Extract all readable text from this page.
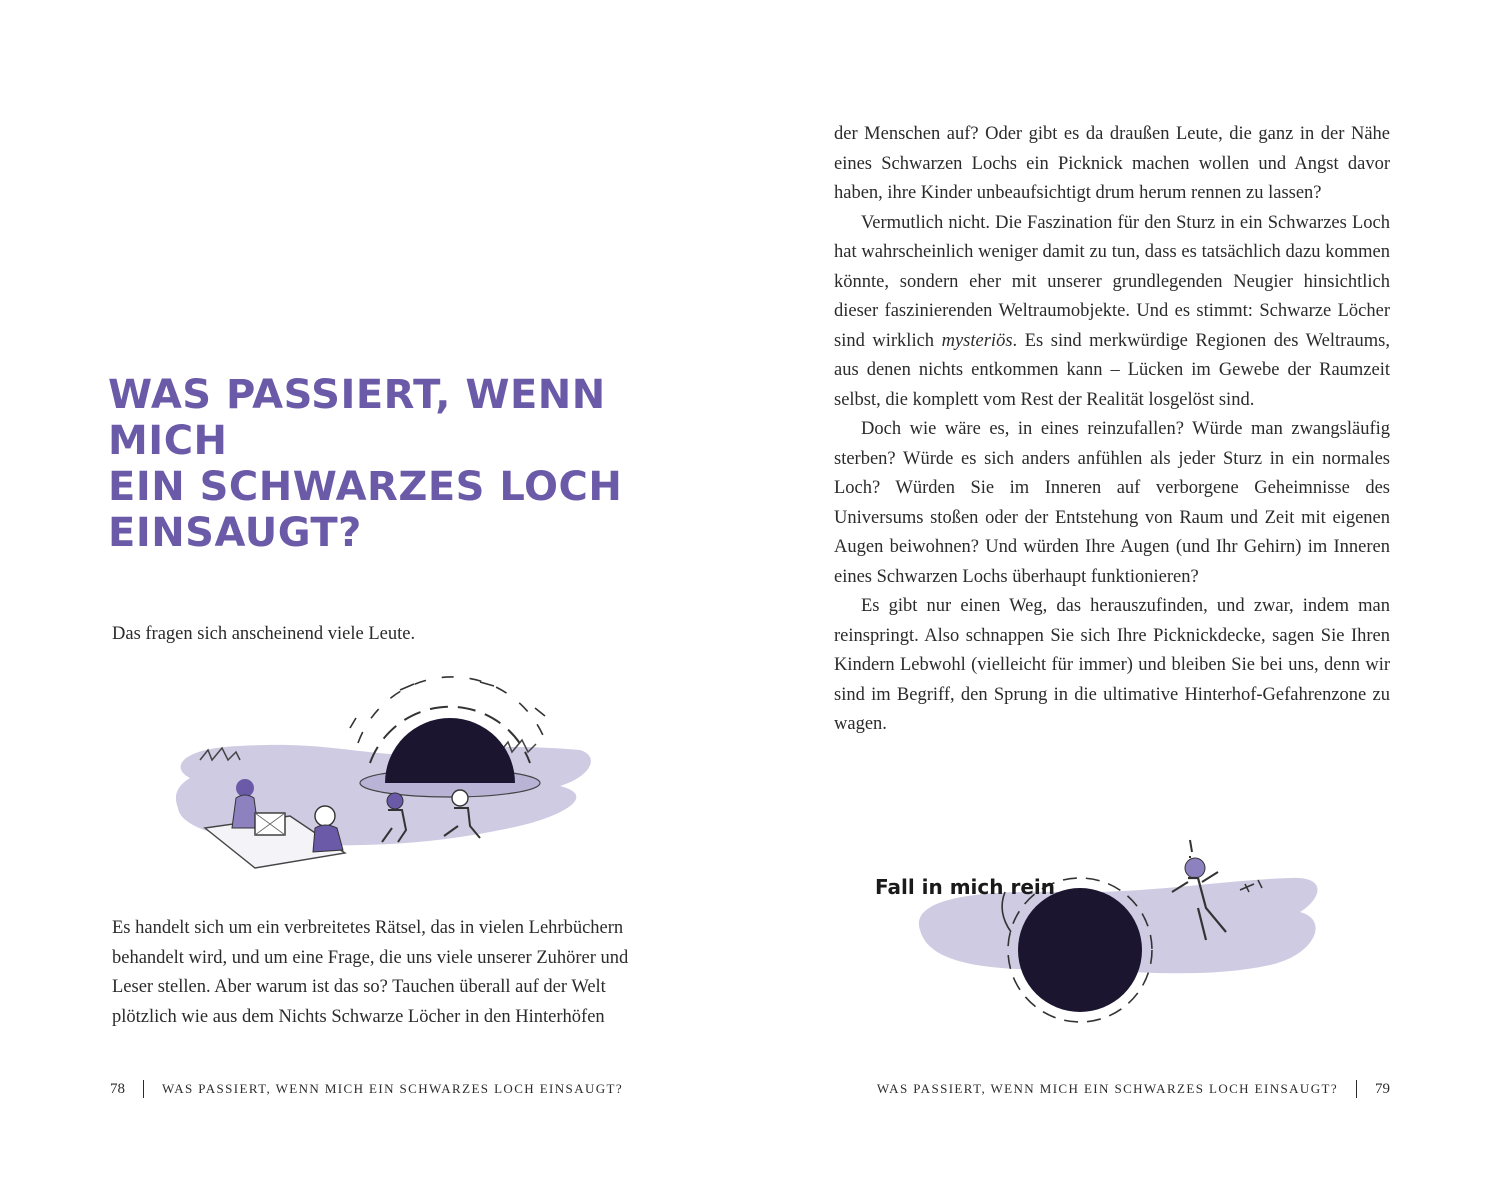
WAS PASSIERT, WENN MICH
EIN SCHWARZES LOCH
EINSAUGT?

Das fragen sich anscheinend viele Leute.

Es handelt sich um ein verbreitetes Rätsel, das in vielen Lehrbüchern behandelt wird, und um eine Frage, die uns viele unserer Zuhörer und Leser stellen. Aber warum ist das so? Tauchen überall auf der Welt plötzlich wie aus dem Nichts Schwarze Löcher in den Hinterhöfen

78	WAS PASSIERT, WENN MICH EIN SCHWARZES LOCH EINSAUGT?

der Menschen auf? Oder gibt es da draußen Leute, die ganz in der Nähe eines Schwarzen Lochs ein Picknick machen wollen und Angst davor haben, ihre Kinder unbeaufsichtigt drum herum rennen zu lassen?

Vermutlich nicht. Die Faszination für den Sturz in ein Schwarzes Loch hat wahrscheinlich weniger damit zu tun, dass es tatsächlich dazu kommen könnte, sondern eher mit unserer grundlegenden Neugier hinsichtlich dieser faszinierenden Weltraumobjekte. Und es stimmt: Schwarze Löcher sind wirklich mysteriös. Es sind merkwürdige Regionen des Weltraums, aus denen nichts entkommen kann – Lücken im Gewebe der Raumzeit selbst, die komplett vom Rest der Realität losgelöst sind.

Doch wie wäre es, in eines reinzufallen? Würde man zwangsläufig sterben? Würde es sich anders anfühlen als jeder Sturz in ein normales Loch? Würden Sie im Inneren auf verborgene Geheimnisse des Universums stoßen oder der Entstehung von Raum und Zeit mit eigenen Augen beiwohnen? Und würden Ihre Augen (und Ihr Gehirn) im Inneren eines Schwarzen Lochs überhaupt funktionieren?

Es gibt nur einen Weg, das herauszufinden, und zwar, indem man reinspringt. Also schnappen Sie sich Ihre Picknickdecke, sagen Sie Ihren Kindern Lebwohl (vielleicht für immer) und bleiben Sie bei uns, denn wir sind im Begriff, den Sprung in die ultimative Hinterhof-Gefahrenzone zu wagen.

Fall in mich rein
WAS PASSIERT, WENN MICH EIN SCHWARZES LOCH EINSAUGT? 79
